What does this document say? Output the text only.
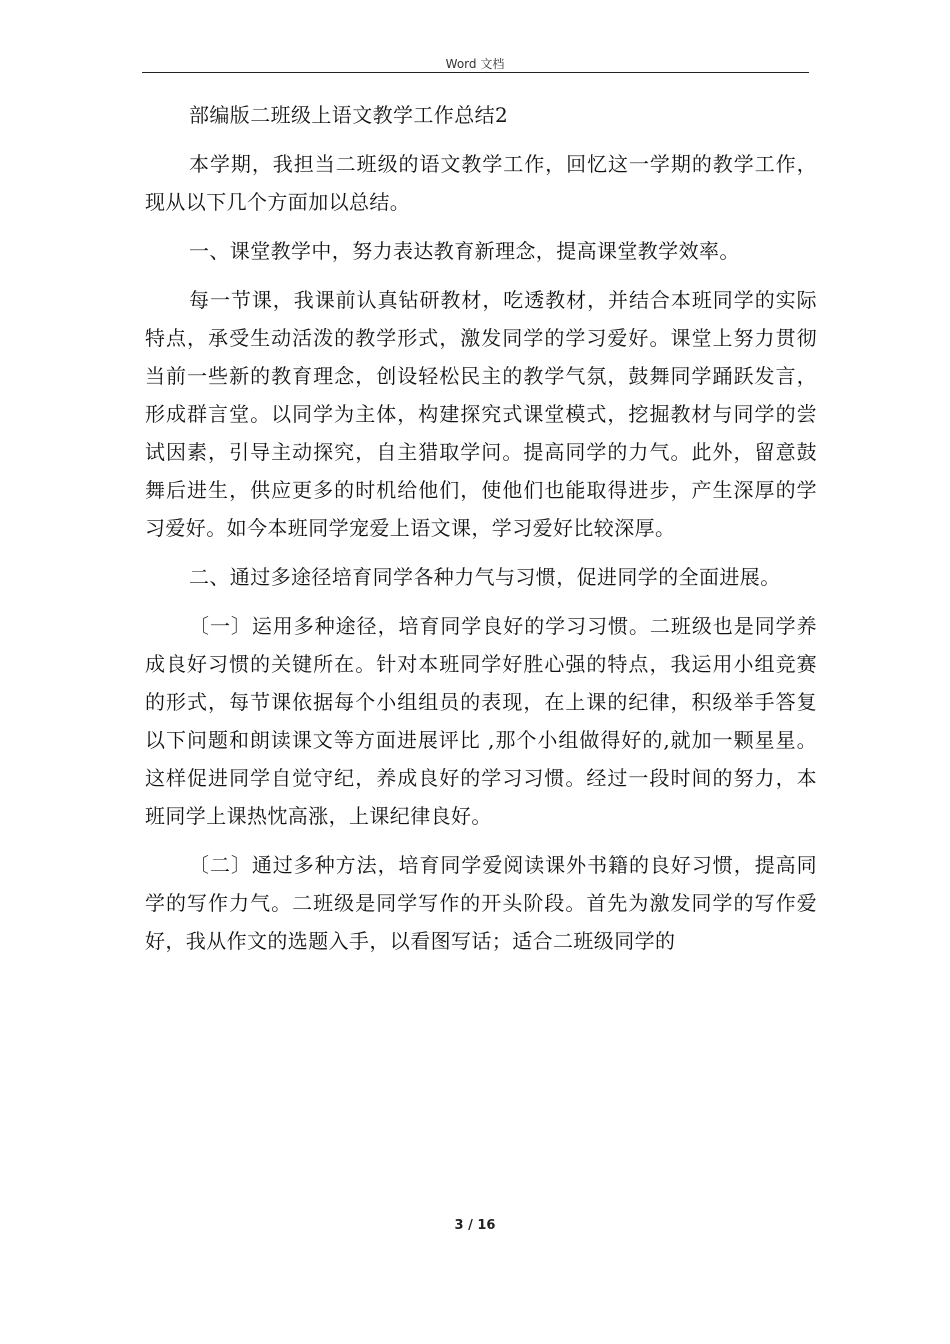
Word 文档

部编版二班级上语文教学工作总结2

本学期，我担当二班级的语文教学工作，回忆这一学期的教学工作，现从以下几个方面加以总结。

一、课堂教学中，努力表达教育新理念，提高课堂教学效率。

每一节课，我课前认真钻研教材，吃透教材，并结合本班同学的实际特点，承受生动活泼的教学形式，激发同学的学习爱好。课堂上努力贯彻当前一些新的教育理念，创设轻松民主的教学气氛，鼓舞同学踊跃发言，形成群言堂。以同学为主体，构建探究式课堂模式，挖掘教材与同学的尝试因素，引导主动探究，自主猎取学问。提高同学的力气。此外，留意鼓舞后进生，供应更多的时机给他们，使他们也能取得进步，产生深厚的学习爱好。如今本班同学宠爱上语文课，学习爱好比较深厚。

二、通过多途径培育同学各种力气与习惯，促进同学的全面进展。

〔一〕运用多种途径，培育同学良好的学习习惯。二班级也是同学养成良好习惯的关键所在。针对本班同学好胜心强的特点，我运用小组竞赛的形式，每节课依据每个小组组员的表现，在上课的纪律，积级举手答复以下问题和朗读课文等方面进展评比 ,那个小组做得好的,就加一颗星星。这样促进同学自觉守纪，养成良好的学习习惯。经过一段时间的努力，本班同学上课热忱高涨，上课纪律良好。

〔二〕通过多种方法，培育同学爱阅读课外书籍的良好习惯，提高同学的写作力气。二班级是同学写作的开头阶段。首先为激发同学的写作爱好，我从作文的选题入手，以看图写话；适合二班级同学的

3 / 16
